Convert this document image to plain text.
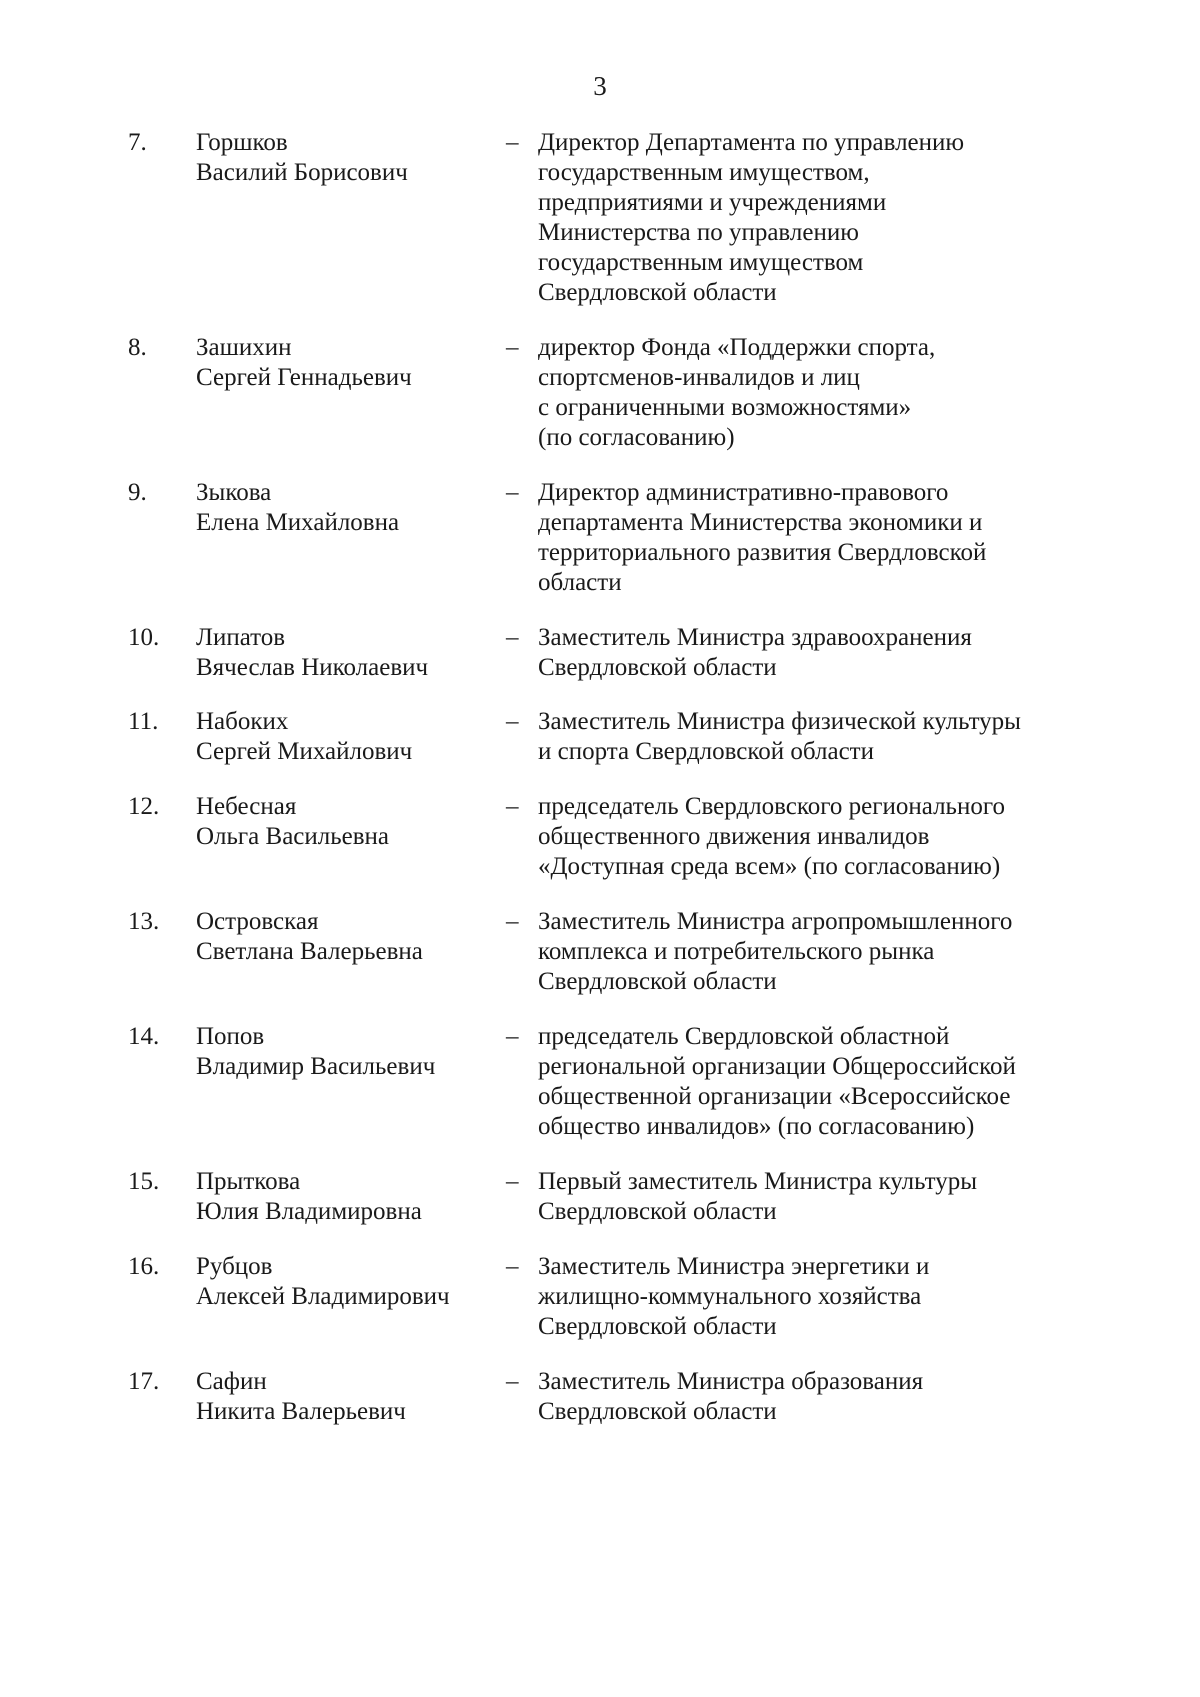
3
7. Горшков
Василий Борисович
– Директор Департамента по управлению
государственным имуществом,
предприятиями и учреждениями
Министерства по управлению
государственным имуществом
Свердловской области
8. Зашихин
Сергей Геннадьевич
– директор Фонда «Поддержки спорта,
спортсменов-инвалидов и лиц
с ограниченными возможностями»
(по согласованию)
9. Зыкова
Елена Михайловна
– Директор административно-правового
департамента Министерства экономики и
территориального развития Свердловской
области
10. Липатов
Вячеслав Николаевич
– Заместитель Министра здравоохранения
Свердловской области
11. Набоких
Сергей Михайлович
– Заместитель Министра физической культуры
и спорта Свердловской области
12. Небесная
Ольга Васильевна
– председатель Свердловского регионального
общественного движения инвалидов
«Доступная среда всем» (по согласованию)
13. Островская
Светлана Валерьевна
– Заместитель Министра агропромышленного
комплекса и потребительского рынка
Свердловской области
14. Попов
Владимир Васильевич
– председатель Свердловской областной
региональной организации Общероссийской
общественной организации «Всероссийское
общество инвалидов» (по согласованию)
15. Прыткова
Юлия Владимировна
– Первый заместитель Министра культуры
Свердловской области
16. Рубцов
Алексей Владимирович
– Заместитель Министра энергетики и
жилищно-коммунального хозяйства
Свердловской области
17. Сафин
Никита Валерьевич
– Заместитель Министра образования
Свердловской области
